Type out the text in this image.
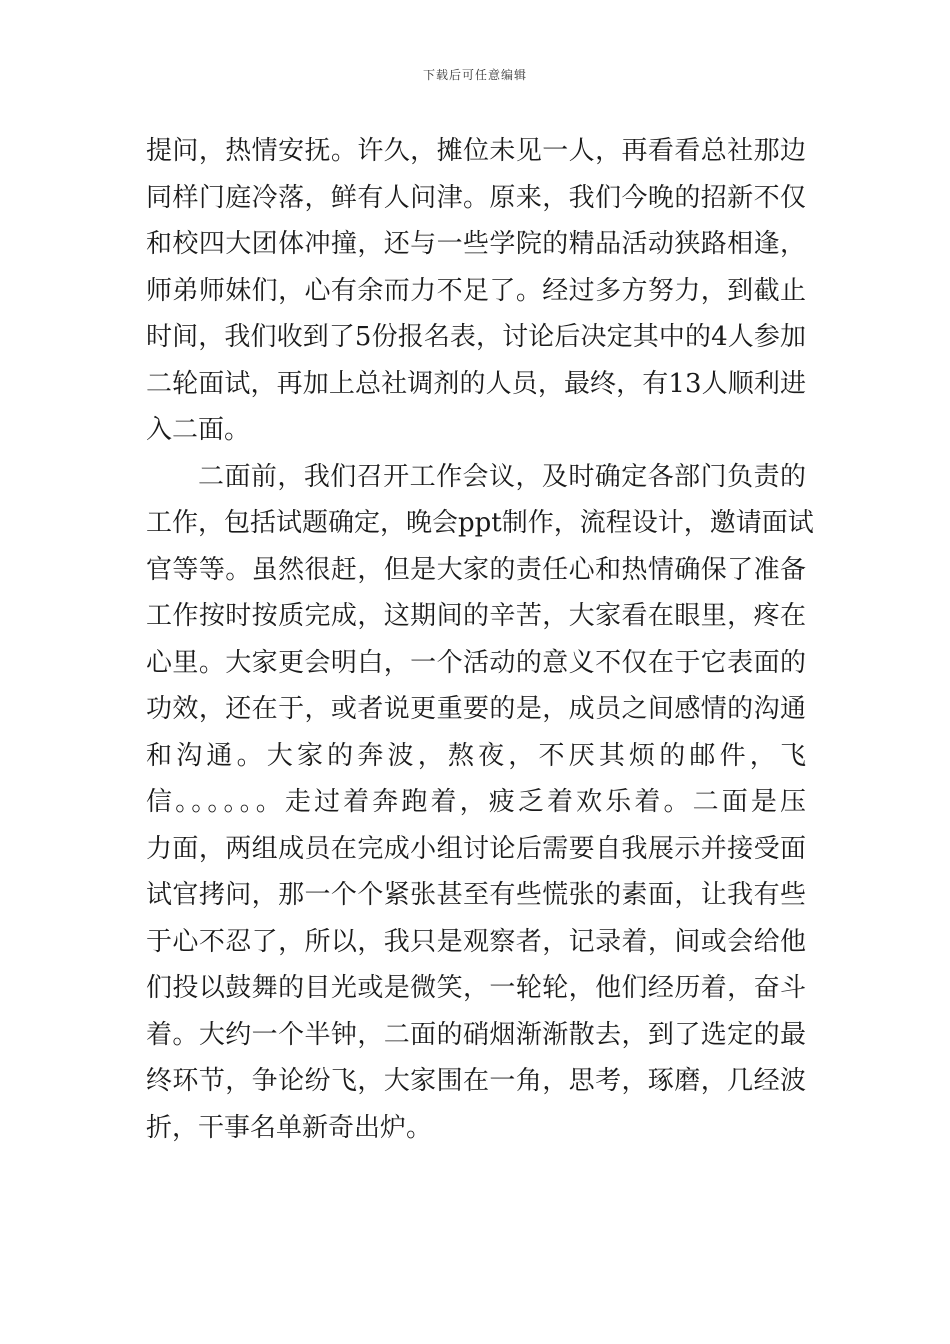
下载后可任意编辑
提问，热情安抚。许久，摊位未见一人，再看看总社那边
同样门庭冷落，鲜有人问津。原来，我们今晚的招新不仅
和校四大团体冲撞，还与一些学院的精品活动狭路相逢，
师弟师妹们，心有余而力不足了。经过多方努力，到截止
时间，我们收到了5份报名表，讨论后决定其中的4人参加
二轮面试，再加上总社调剂的人员，最终，有13人顺利进
入二面。
二面前，我们召开工作会议，及时确定各部门负责的
工作，包括试题确定，晚会ppt制作，流程设计，邀请面试
官等等。虽然很赶，但是大家的责任心和热情确保了准备
工作按时按质完成，这期间的辛苦，大家看在眼里，疼在
心里。大家更会明白，一个活动的意义不仅在于它表面的
功效，还在于，或者说更重要的是，成员之间感情的沟通
和沟通。大家的奔波，熬夜，不厌其烦的邮件，飞
信。。。。。。走过着奔跑着，疲乏着欢乐着。二面是压
力面，两组成员在完成小组讨论后需要自我展示并接受面
试官拷问，那一个个紧张甚至有些慌张的素面，让我有些
于心不忍了，所以，我只是观察者，记录着，间或会给他
们投以鼓舞的目光或是微笑，一轮轮，他们经历着，奋斗
着。大约一个半钟，二面的硝烟渐渐散去，到了选定的最
终环节，争论纷飞，大家围在一角，思考，琢磨，几经波
折，干事名单新奇出炉。
